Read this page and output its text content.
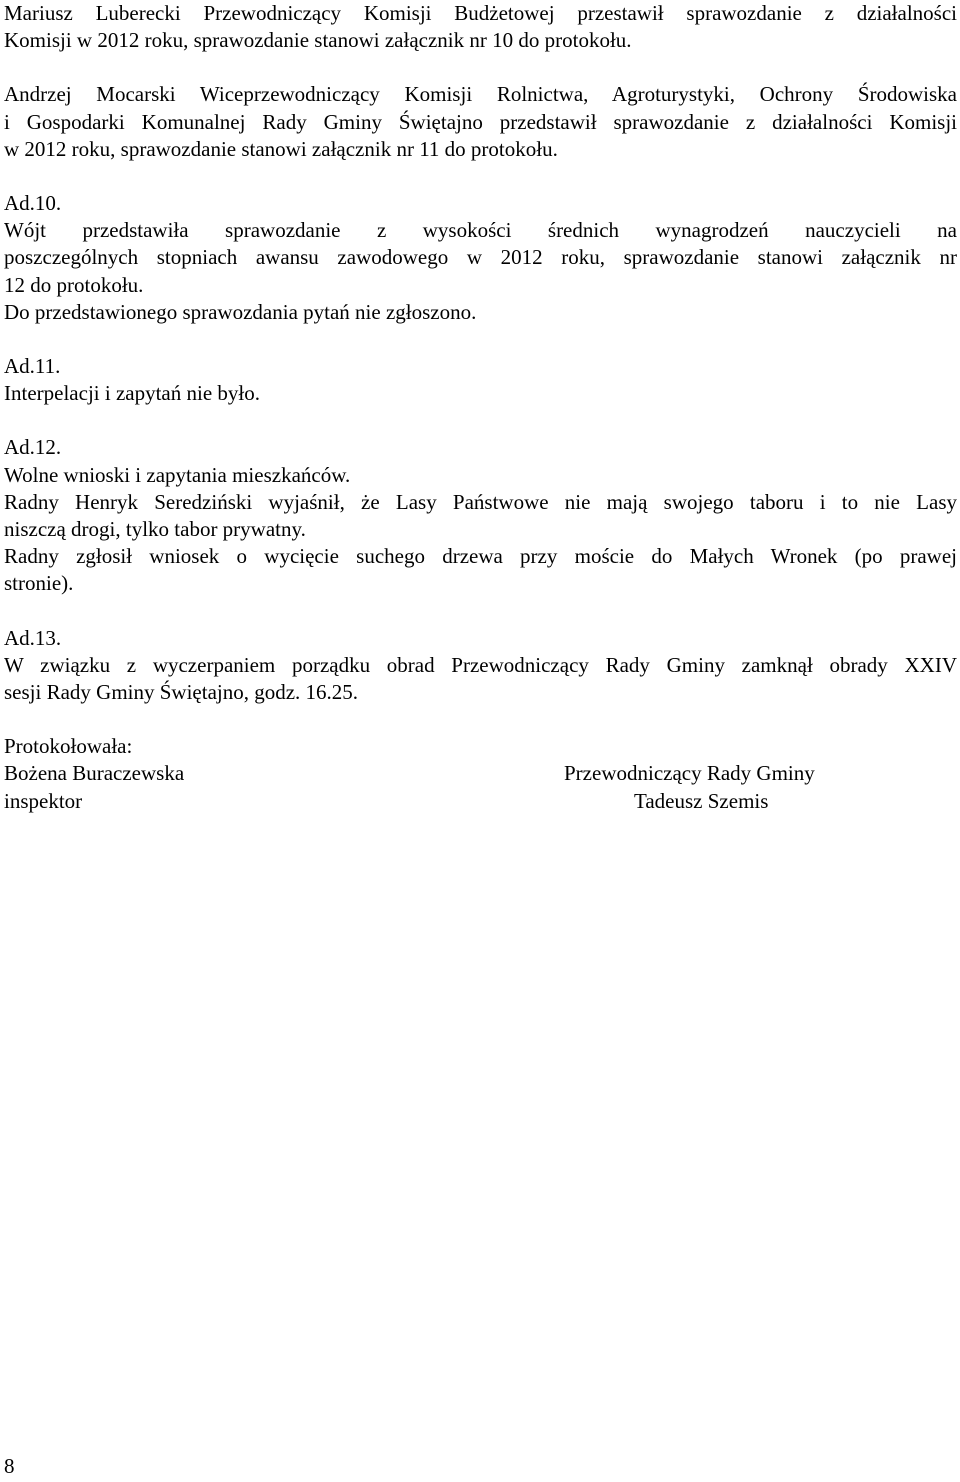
Mariusz Luberecki Przewodniczący Komisji Budżetowej przestawił sprawozdanie z działalności

Komisji w 2012 roku, sprawozdanie stanowi załącznik nr 10 do protokołu.

Andrzej Mocarski Wiceprzewodniczący Komisji Rolnictwa, Agroturystyki, Ochrony Środowiska

i Gospodarki Komunalnej Rady Gminy Świętajno przedstawił sprawozdanie z działalności Komisji

w 2012 roku, sprawozdanie stanowi załącznik nr 11 do protokołu.

Ad.10.

Wójt przedstawiła sprawozdanie z wysokości średnich wynagrodzeń nauczycieli na

poszczególnych stopniach awansu zawodowego w 2012 roku, sprawozdanie stanowi załącznik nr

12 do protokołu.

Do przedstawionego sprawozdania pytań nie zgłoszono.

Ad.11.

Interpelacji i zapytań nie było.

Ad.12.

Wolne wnioski i zapytania mieszkańców.

Radny Henryk Seredziński wyjaśnił, że Lasy Państwowe nie mają swojego taboru i to nie Lasy

niszczą drogi, tylko tabor prywatny.

Radny zgłosił wniosek o wycięcie suchego drzewa przy moście do Małych Wronek (po prawej

stronie).

Ad.13.

W związku z wyczerpaniem porządku obrad Przewodniczący Rady Gminy zamknął obrady XXIV

sesji Rady Gminy Świętajno, godz. 16.25.

Protokołowała:
Bożena Buraczewska	Przewodniczący Rady Gminy
inspektor	Tadeusz Szemis
8
